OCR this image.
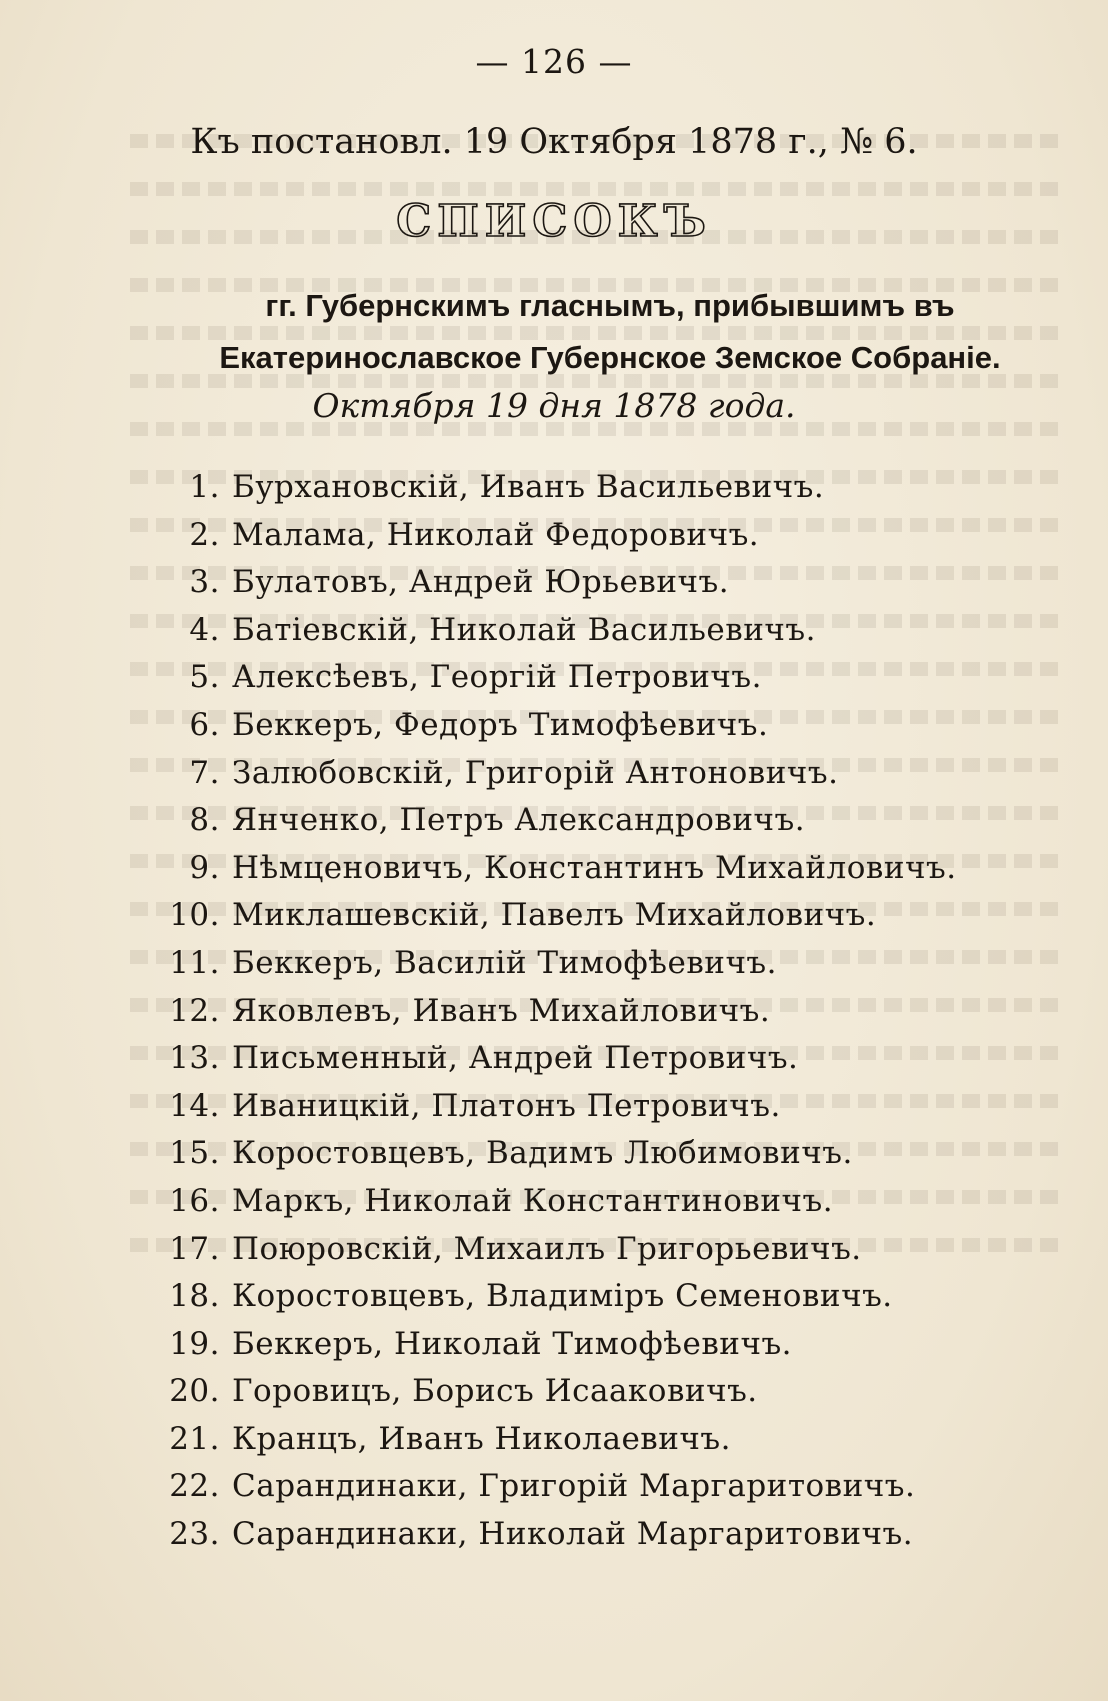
— 126 —
Къ постановл. 19 Октября 1878 г., № 6.
СПИСОКЪ
гг. Губернскимъ гласнымъ, прибывшимъ въ Екатеринославское Губернское Земское Собраніе.
Октября 19 дня 1878 года.
1. Бурхановскій, Иванъ Васильевичъ.
2. Малама, Николай Федоровичъ.
3. Булатовъ, Андрей Юрьевичъ.
4. Батіевскій, Николай Васильевичъ.
5. Алексѣевъ, Георгій Петровичъ.
6. Беккеръ, Федоръ Тимофѣевичъ.
7. Залюбовскій, Григорій Антоновичъ.
8. Янченко, Петръ Александровичъ.
9. Нѣмценовичъ, Константинъ Михайловичъ.
10. Миклашевскій, Павелъ Михайловичъ.
11. Беккеръ, Василій Тимофѣевичъ.
12. Яковлевъ, Иванъ Михайловичъ.
13. Письменный, Андрей Петровичъ.
14. Иваницкій, Платонъ Петровичъ.
15. Коростовцевъ, Вадимъ Любимовичъ.
16. Маркъ, Николай Константиновичъ.
17. Поюровскій, Михаилъ Григорьевичъ.
18. Коростовцевъ, Владиміръ Семеновичъ.
19. Беккеръ, Николай Тимофѣевичъ.
20. Горовицъ, Борисъ Исааковичъ.
21. Кранцъ, Иванъ Николаевичъ.
22. Сарандинаки, Григорій Маргаритовичъ.
23. Сарандинаки, Николай Маргаритовичъ.
